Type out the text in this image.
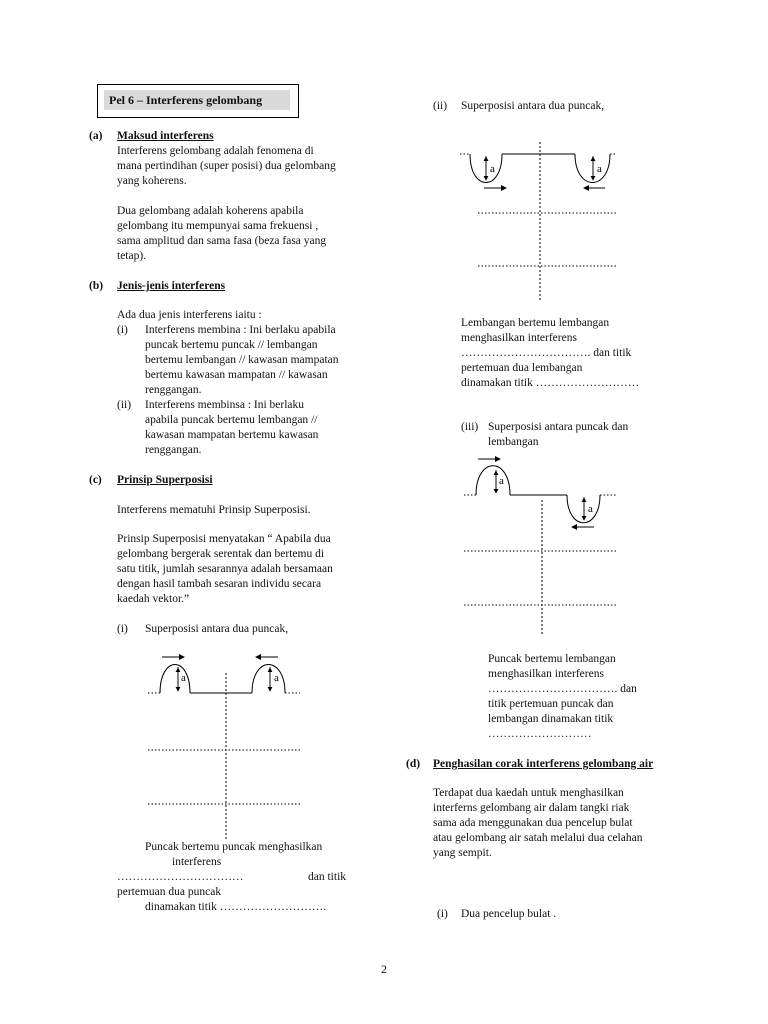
Pel 6 – Interferens gelombang
(a) Maksud interferens
Interferens gelombang adalah fenomena di
mana pertindihan (super posisi) dua gelombang
yang koherens.
Dua gelombang adalah koherens apabila
gelombang itu mempunyai sama frekuensi ,
sama amplitud dan sama fasa (beza fasa yang
tetap).
(b) Jenis-jenis interferens
Ada dua jenis interferens iaitu :
(i) Interferens membina : Ini berlaku apabila
puncak bertemu puncak // lembangan
bertemu lembangan // kawasan mampatan
bertemu kawasan mampatan // kawasan
renggangan.
(ii) Interferens membinsa : Ini berlaku
apabila puncak bertemu lembangan //
kawasan mampatan bertemu kawasan
renggangan.
(c) Prinsip Superposisi
Interferens mematuhi Prinsip Superposisi.
Prinsip Superposisi menyatakan “ Apabila dua
gelombang bergerak serentak dan bertemu di
satu titik, jumlah sesarannya adalah bersamaan
dengan hasil tambah sesaran individu secara
kaedah vektor.”
(i) Superposisi antara dua puncak,
a	a
Puncak bertemu puncak menghasilkan
interferens
……………………………	dan titik
pertemuan dua puncak
dinamakan titik ……………………….
(ii) Superposisi antara dua puncak,
a	a
Lembangan bertemu lembangan
menghasilkan interferens
……………………………. dan titik
pertemuan dua lembangan
dinamakan titik ………………………
(iii) Superposisi antara puncak dan
lembangan
a
a
Puncak bertemu lembangan
menghasilkan interferens
……………………………. dan
titik pertemuan puncak dan
lembangan dinamakan titik
………………………
(d) Penghasilan corak interferens gelombang air
Terdapat dua kaedah untuk menghasilkan
interferns gelombang air dalam tangki riak
sama ada menggunakan dua pencelup bulat
atau gelombang air satah melalui dua celahan
yang sempit.
(i) Dua pencelup bulat .
2
